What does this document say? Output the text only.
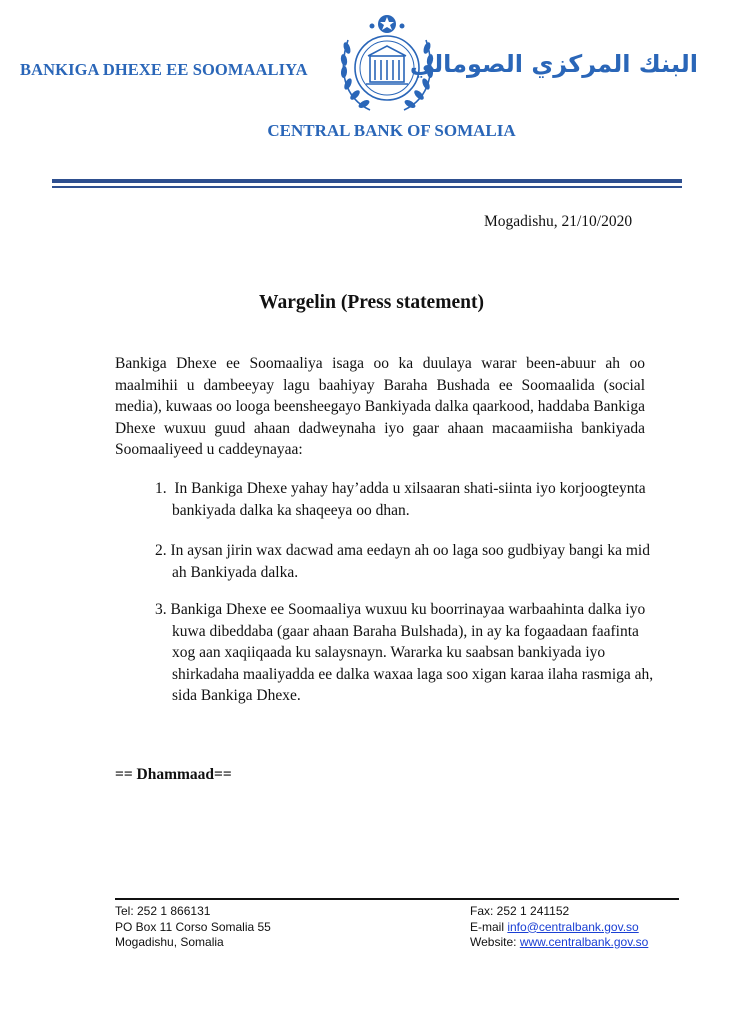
BANKIGA DHEXE EE SOOMAALIYA	البنك المركزي الصومالي
CENTRAL BANK OF SOMALIA
Mogadishu, 21/10/2020
Wargelin (Press statement)
Bankiga Dhexe ee Soomaaliya isaga oo ka duulaya warar been-abuur ah oo maalmihii u dambeeyay lagu baahiyay Baraha Bushada ee Soomaalida (social media), kuwaas oo looga beensheegayo Bankiyada dalka qaarkood, haddaba Bankiga Dhexe wuxuu guud ahaan dadweynaha iyo gaar ahaan macaamiisha bankiyada Soomaaliyeed u caddeynayaa:
1. In Bankiga Dhexe yahay hay’adda u xilsaaran shati-siinta iyo korjoogteynta bankiyada dalka ka shaqeeya oo dhan.
2. In aysan jirin wax dacwad ama eedayn ah oo laga soo gudbiyay bangi ka mid ah Bankiyada dalka.
3. Bankiga Dhexe ee Soomaaliya wuxuu ku boorrinayaa warbaahinta dalka iyo kuwa dibeddaba (gaar ahaan Baraha Bulshada), in ay ka fogaadaan faafinta xog aan xaqiiqaada ku salaysnayn. Wararka ku saabsan bankiyada iyo shirkadaha maaliyadda ee dalka waxaa laga soo xigan karaa ilaha rasmiga ah, sida Bankiga Dhexe.
== Dhammaad==
Tel: 252 1 866131
PO Box 11 Corso Somalia 55
Mogadishu, Somalia
Fax: 252 1 241152
E-mail info@centralbank.gov.so
Website: www.centralbank.gov.so
